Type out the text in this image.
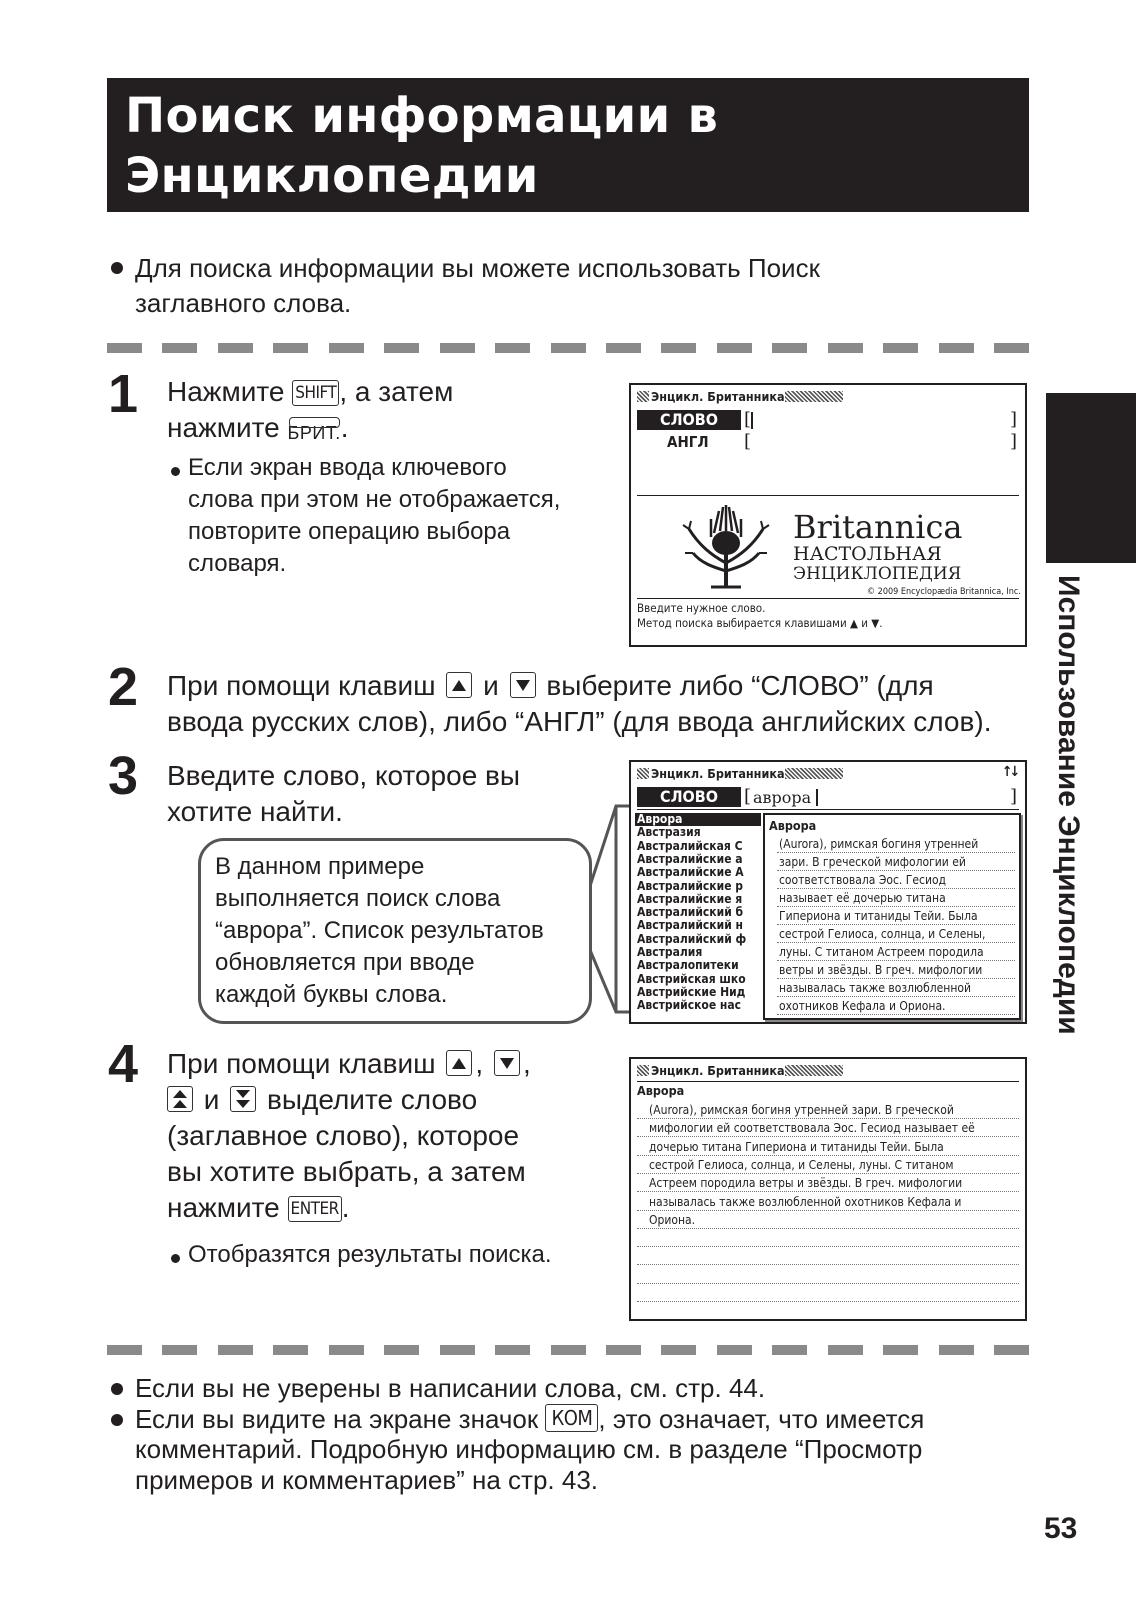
Поиск информации в
Энциклопедии
Использование Энциклопедии
Для поиска информации вы можете использовать Поиск
заглавного слова.
1 Нажмите SHIFT , а затем
нажмите БРИТ..
Если экран ввода ключевого
слова при этом не отображается,
повторите операцию выбора
словаря.
Энцикл. Британника
СЛОВО	[	]
АНГЛ [	]
Britannica
НАСТОЛЬНАЯ
ЭНЦИКЛОПЕДИЯ
© 2009 Encyclopædia Britannica, Inc.
Введите нужное слово.
Метод поиска выбирается клавишами ▲ и ▼.
2 При помощи клавиш  и  выберите либо “СЛОВО” (для
ввода русских слов), либо “АНГЛ” (для ввода английских слов).
3 Введите слово, которое вы
хотите найти.
В данном примере
выполняется поиск слова
“аврора”. Список результатов
обновляется при вводе
каждой буквы слова.
Энцикл. Британника	↑↓
СЛОВО	[ аврора	]
Аврора
Австразия
Австралийская С
Австралийские а
Австралийские А
Австралийские р
Австралийские я
Австралийский б
Австралийский н
Австралийский ф
Австралия
Австралопитеки
Австрийская шко
Австрийские Нид
Австрийское нас
Аврора
(Aurora), римская богиня утренней
зари. В греческой мифологии ей
соответствовала Эос. Гесиод
называет её дочерью титана
Гипериона и титаниды Тейи. Была
сестрой Гелиоса, солнца, и Селены,
луны. С титаном Астреем породила
ветры и звёзды. В греч. мифологии
называлась также возлюбленной
охотников Кефала и Ориона.
4 При помощи клавиш , ,
и  выделите слово
(заглавное слово), которое
вы хотите выбрать, а затем
нажмите ENTER .
Отобразятся результаты поиска.
Энцикл. Британника
Аврора
(Aurora), римская богиня утренней зари. В греческой
мифологии ей соответствовала Эос. Гесиод называет её
дочерью титана Гипериона и титаниды Тейи. Была
сестрой Гелиоса, солнца, и Селены, луны. С титаном
Астреем породила ветры и звёзды. В греч. мифологии
называлась также возлюбленной охотников Кефала и
Ориона.
Если вы не уверены в написании слова, см. стр. 44.
Если вы видите на экране значок КОМ , это означает, что имеется
комментарий. Подробную информацию см. в разделе “Просмотр
примеров и комментариев” на стр. 43.
53
